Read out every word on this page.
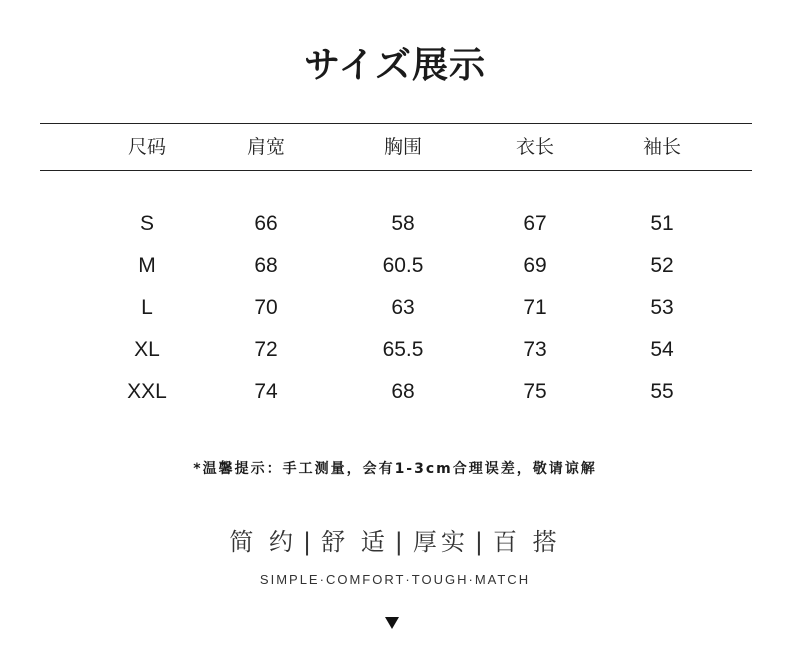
サイズ展示
尺码	肩宽	胸围	衣长	袖长
S	66	58	67	51
M	68	60.5	69	52
L	70	63	71	53
XL	72	65.5	73	54
XXL	74	68	75	55
*温馨提示：手工测量，会有1-3cm合理误差，敬请谅解
简 约 | 舒 适 | 厚实 | 百 搭
SIMPLE·COMFORT·TOUGH·MATCH
